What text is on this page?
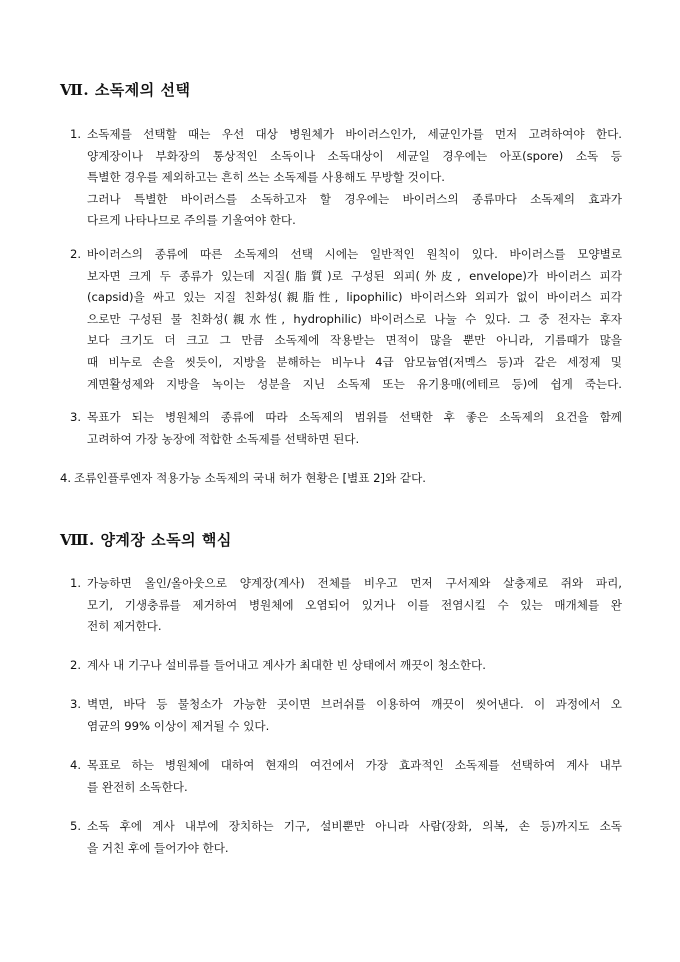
Ⅶ. 소독제의 선택
1. 소독제를 선택할 때는 우선 대상 병원체가 바이러스인가, 세균인가를 먼저 고려하여야 한다.
양계장이나 부화장의 통상적인 소독이나 소독대상이 세균일 경우에는 아포(spore) 소독 등
특별한 경우를 제외하고는 흔히 쓰는 소독제를 사용해도 무방할 것이다.
그러나 특별한 바이러스를 소독하고자 할 경우에는 바이러스의 종류마다 소독제의 효과가
다르게 나타나므로 주의를 기울여야 한다.
2. 바이러스의 종류에 따른 소독제의 선택 시에는 일반적인 원칙이 있다. 바이러스를 모양별로
보자면 크게 두 종류가 있는데 지질(脂質)로 구성된 외피(外皮, envelope)가 바이러스 피각
(capsid)을 싸고 있는 지질 친화성(親脂性, lipophilic) 바이러스와 외피가 없이 바이러스 피각
으로만 구성된 물 친화성(親水性, hydrophilic) 바이러스로 나눌 수 있다. 그 중 전자는 후자
보다 크기도 더 크고 그 만큼 소독제에 작용받는 면적이 많을 뿐만 아니라, 기름때가 많을
때 비누로 손을 씻듯이, 지방을 분해하는 비누나 4급 암모늄염(저멕스 등)과 같은 세정제 및
계면활성제와 지방을 녹이는 성분을 지닌 소독제 또는 유기용매(에테르 등)에 쉽게 죽는다.
3. 목표가 되는 병원체의 종류에 따라 소독제의 범위를 선택한 후 좋은 소독제의 요건을 함께
고려하여 가장 농장에 적합한 소독제를 선택하면 된다.
4. 조류인플루엔자 적용가능 소독제의 국내 허가 현황은 [별표 2]와 같다.
Ⅷ. 양계장 소독의 핵심
1. 가능하면 올인/올아웃으로 양계장(계사) 전체를 비우고 먼저 구서제와 살충제로 쥐와 파리,
모기, 기생충류를 제거하여 병원체에 오염되어 있거나 이를 전염시킬 수 있는 매개체를 완
전히 제거한다.
2. 계사 내 기구나 설비류를 들어내고 계사가 최대한 빈 상태에서 깨끗이 청소한다.
3. 벽면, 바닥 등 물청소가 가능한 곳이면 브러쉬를 이용하여 깨끗이 씻어낸다. 이 과정에서 오
염균의 99% 이상이 제거될 수 있다.
4. 목표로 하는 병원체에 대하여 현재의 여건에서 가장 효과적인 소독제를 선택하여 계사 내부
를 완전히 소독한다.
5. 소독 후에 계사 내부에 장치하는 기구, 설비뿐만 아니라 사람(장화, 의복, 손 등)까지도 소독
을 거친 후에 들어가야 한다.
